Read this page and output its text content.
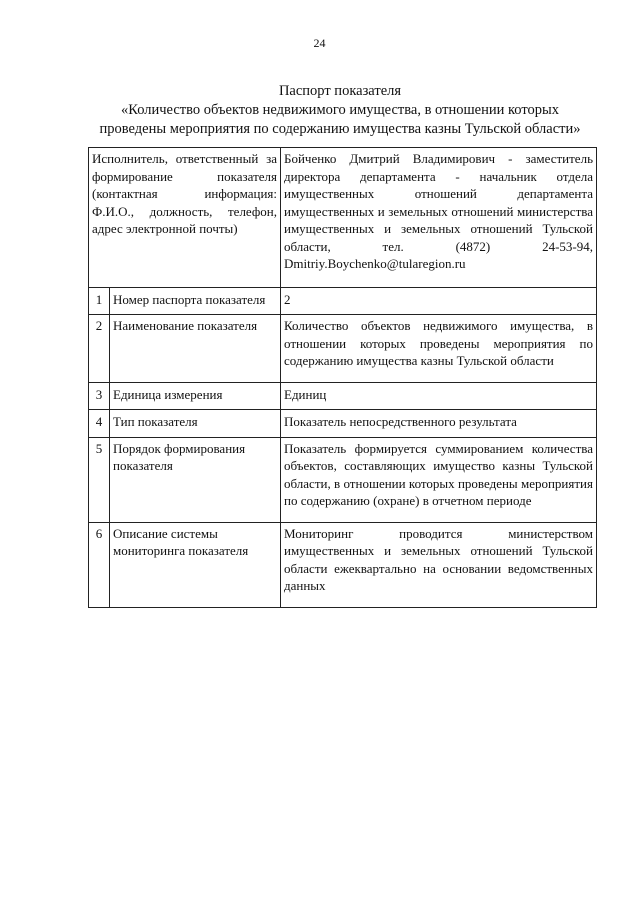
24
Паспорт показателя
«Количество объектов недвижимого имущества, в отношении которых
проведены мероприятия по содержанию имущества казны Тульской области»
Исполнитель, ответственный за формирование показателя (контактная информация: Ф.И.О., должность, телефон, адрес электронной почты)		Бойченко Дмитрий Владимирович - заместитель директора департамента - начальник отдела имущественных отношений департамента имущественных и земельных отношений министерства имущественных и земельных отношений Тульской области, тел. (4872) 24-53-94, Dmitriy.Boychenko@tularegion.ru
1	Номер паспорта показателя	2
2	Наименование показателя	Количество объектов недвижимого имущества, в отношении которых проведены мероприятия по содержанию имущества казны Тульской области
3	Единица измерения	Единиц
4	Тип показателя	Показатель непосредственного результата
5	Порядок формирования показателя	Показатель формируется суммированием количества объектов, составляющих имущество казны Тульской области, в отношении которых проведены мероприятия по содержанию (охране) в отчетном периоде
6	Описание системы мониторинга показателя	Мониторинг проводится министерством имущественных и земельных отношений Тульской области ежеквартально на основании ведомственных данных
